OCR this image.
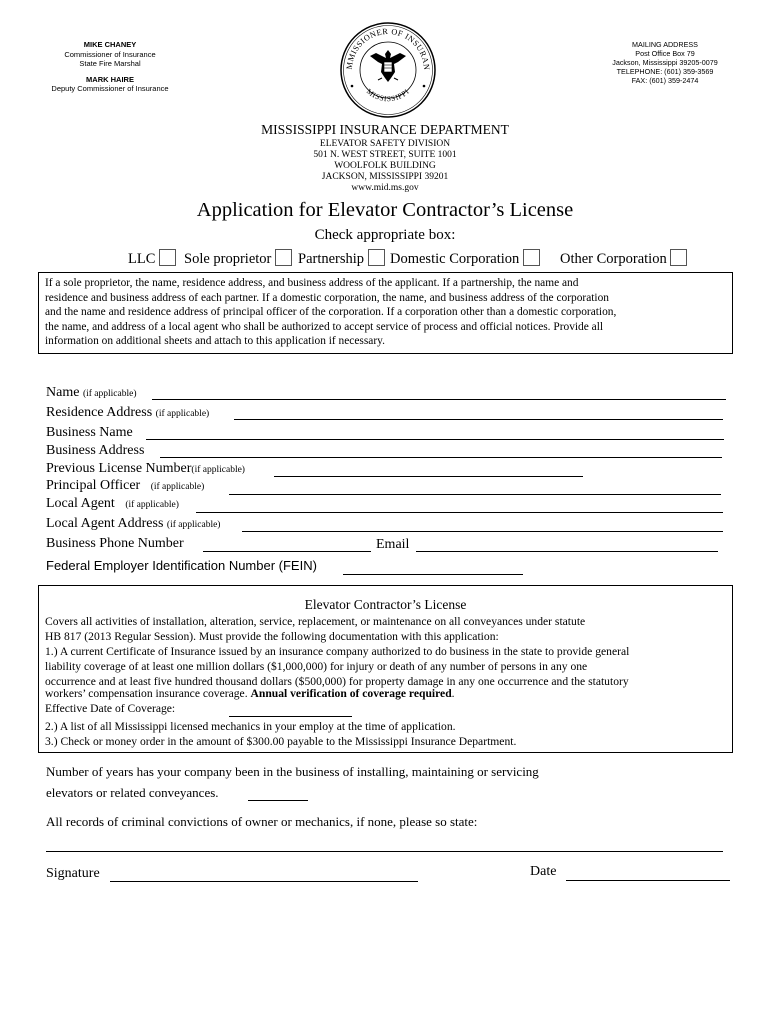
MIKE CHANEY
Commissioner of Insurance
State Fire Marshal
MARK HAIRE
Deputy Commissioner of Insurance
MMISSIONER OF INSURAN
MISSISSIPPI
MAILING ADDRESS
Post Office Box 79
Jackson, Mississippi 39205-0079
TELEPHONE: (601) 359-3569
FAX: (601) 359-2474
MISSISSIPPI INSURANCE DEPARTMENT
ELEVATOR SAFETY DIVISION
501 N. WEST STREET, SUITE 1001
WOOLFOLK BUILDING
JACKSON, MISSISSIPPI 39201
www.mid.ms.gov
Application for Elevator Contractor’s License
Check appropriate box:
LLC	Sole proprietor	Partnership	Domestic Corporation	Other Corporation

If a sole proprietor, the name, residence address, and business address of the applicant. If a partnership, the name and
residence and business address of each partner. If a domestic corporation, the name, and business address of the corporation
and the name and residence address of principal officer of the corporation. If a corporation other than a domestic corporation,
the name, and address of a local agent who shall be authorized to accept service of process and official notices. Provide all
information on additional sheets and attach to this application if necessary.

Name (if applicable)
Residence Address (if applicable)
Business Name
Business Address
Previous License Number(if applicable)
Principal Officer (if applicable)
Local Agent (if applicable)
Local Agent Address (if applicable)
Business Phone Number	Email
Federal Employer Identification Number (FEIN)
Elevator Contractor’s License
Covers all activities of installation, alteration, service, replacement, or maintenance on all conveyances under statute
HB 817 (2013 Regular Session). Must provide the following documentation with this application:
1.) A current Certificate of Insurance issued by an insurance company authorized to do business in the state to provide general
liability coverage of at least one million dollars ($1,000,000) for injury or death of any number of persons in any one
occurrence and at least five hundred thousand dollars ($500,000) for property damage in any one occurrence and the statutory
workers’ compensation insurance coverage. Annual verification of coverage required.
Effective Date of Coverage:
2.) A list of all Mississippi licensed mechanics in your employ at the time of application.
3.) Check or money order in the amount of $300.00 payable to the Mississippi Insurance Department.
Number of years has your company been in the business of installing, maintaining or servicing
elevators or related conveyances.
All records of criminal convictions of owner or mechanics, if none, please so state:
Signature	Date
